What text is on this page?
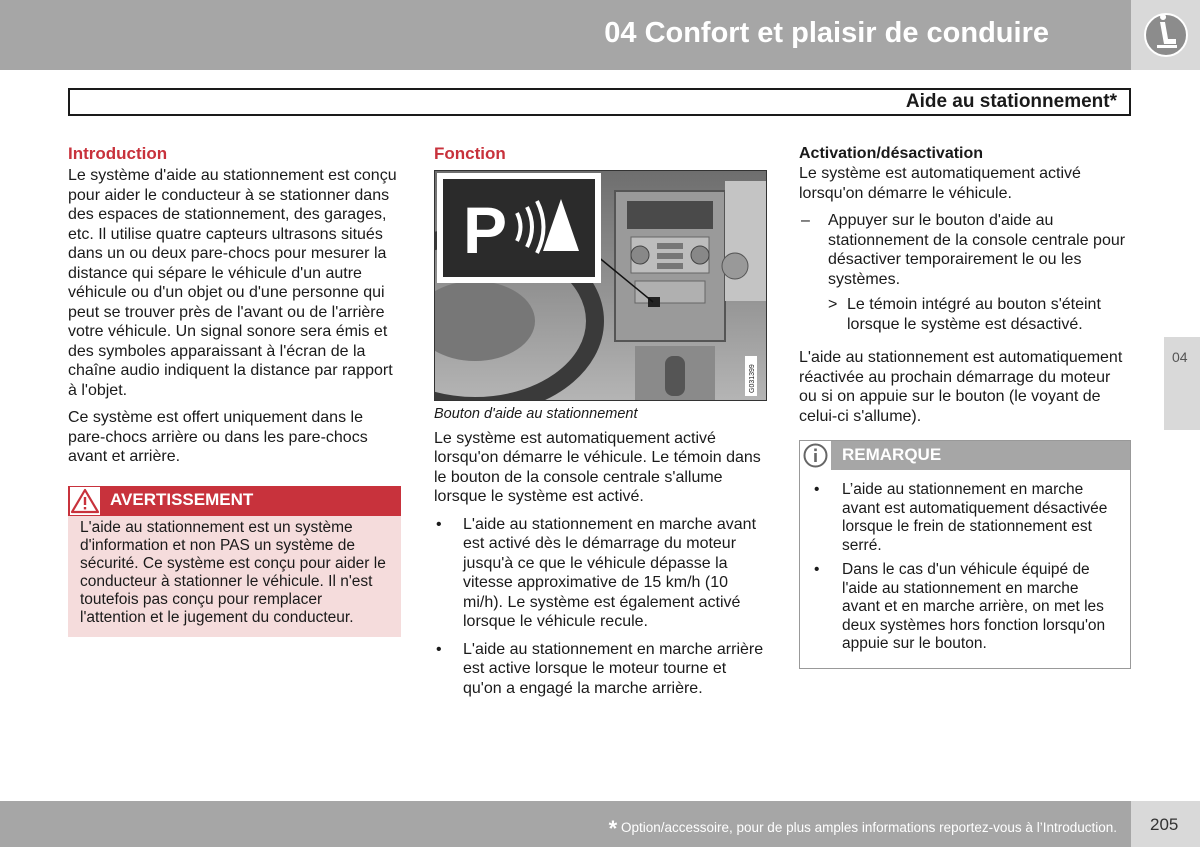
04 Confort et plaisir de conduire
Aide au stationnement*
Introduction

Le système d'aide au stationnement est conçu pour aider le conducteur à se stationner dans des espaces de stationnement, des garages, etc. Il utilise quatre capteurs ultrasons situés dans un ou deux pare-chocs pour mesurer la distance qui sépare le véhicule d'un autre véhicule ou d'un objet ou d'une personne qui peut se trouver près de l'avant ou de l'arrière votre véhicule. Un signal sonore sera émis et des symboles apparaissant à l'écran de la chaîne audio indiquent la distance par rapport à l'objet.

Ce système est offert uniquement dans le pare-chocs arrière ou dans les pare-chocs avant et arrière.

AVERTISSEMENT
L'aide au stationnement est un système d'information et non PAS un système de sécurité. Ce système est conçu pour aider le conducteur à stationner le véhicule. Il n'est toutefois pas conçu pour remplacer l'attention et le jugement du conducteur.
Fonction
P
G031399
Bouton d'aide au stationnement

Le système est automatiquement activé lorsqu'on démarre le véhicule. Le témoin dans le bouton de la console centrale s'allume lorsque le système est activé.

• L'aide au stationnement en marche avant est activé dès le démarrage du moteur jusqu'à ce que le véhicule dépasse la vitesse approximative de 15 km/h (10 mi/h). Le système est également activé lorsque le véhicule recule.
• L'aide au stationnement en marche arrière est active lorsque le moteur tourne et qu'on a engagé la marche arrière.
Activation/désactivation

Le système est automatiquement activé lorsqu'on démarre le véhicule.

– Appuyer sur le bouton d'aide au stationnement de la console centrale pour désactiver temporairement le ou les systèmes.
> Le témoin intégré au bouton s'éteint lorsque le système est désactivé.

L'aide au stationnement est automatiquement réactivée au prochain démarrage du moteur ou si on appuie sur le bouton (le voyant de celui-ci s'allume).

REMARQUE
• L’aide au stationnement en marche avant est automatiquement désactivée lorsque le frein de stationnement est serré.
• Dans le cas d'un véhicule équipé de l'aide au stationnement en marche avant et en marche arrière, on met les deux systèmes hors fonction lorsqu'on appuie sur le bouton.
04
* Option/accessoire, pour de plus amples informations reportez-vous à l’Introduction. 205
